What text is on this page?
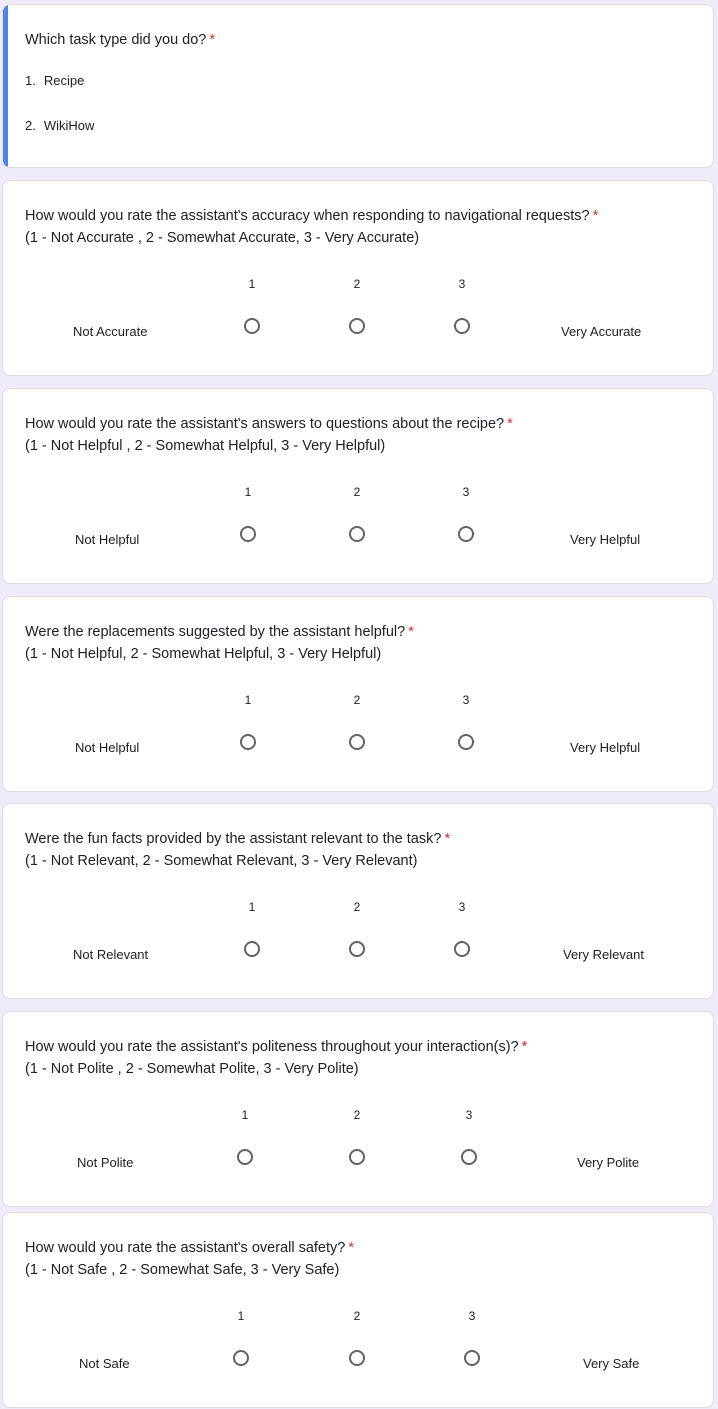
Which task type did you do? *
1. Recipe
2. WikiHow
How would you rate the assistant's accuracy when responding to navigational requests? *
(1 - Not Accurate , 2 - Somewhat Accurate, 3 - Very Accurate)
1	2	3
Not Accurate	Very Accurate
How would you rate the assistant's answers to questions about the recipe? *
(1 - Not Helpful , 2 - Somewhat Helpful, 3 - Very Helpful)
1	2	3
Not Helpful	Very Helpful
Were the replacements suggested by the assistant helpful? *
(1 - Not Helpful, 2 - Somewhat Helpful, 3 - Very Helpful)
1	2	3
Not Helpful	Very Helpful
Were the fun facts provided by the assistant relevant to the task? *
(1 - Not Relevant, 2 - Somewhat Relevant, 3 - Very Relevant)
1	2	3
Not Relevant	Very Relevant
How would you rate the assistant's politeness throughout your interaction(s)? *
(1 - Not Polite , 2 - Somewhat Polite, 3 - Very Polite)
1	2	3
Not Polite	Very Polite
How would you rate the assistant's overall safety? *
(1 - Not Safe , 2 - Somewhat Safe, 3 - Very Safe)
1	2	3
Not Safe	Very Safe
